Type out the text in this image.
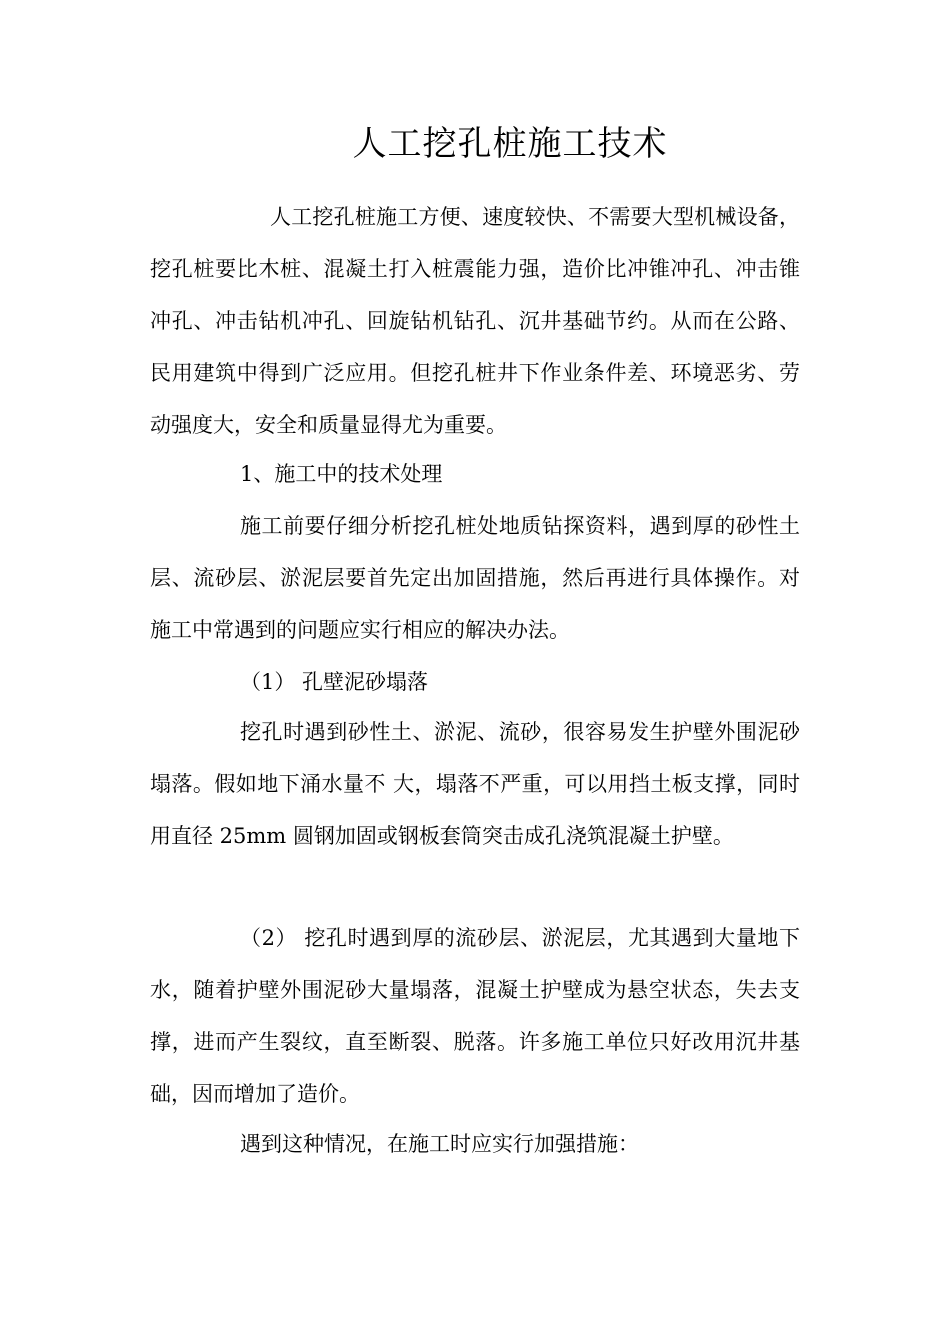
人工挖孔桩施工技术

人工挖孔桩施工方便、速度较快、不需要大型机械设备，挖孔桩要比木桩、混凝土打入桩震能力强，造价比冲锥冲孔、冲击锥冲孔、冲击钻机冲孔、回旋钻机钻孔、沉井基础节约。从而在公路、民用建筑中得到广泛应用。但挖孔桩井下作业条件差、环境恶劣、劳动强度大，安全和质量显得尤为重要。

1、施工中的技术处理

施工前要仔细分析挖孔桩处地质钻探资料，遇到厚的砂性土层、流砂层、淤泥层要首先定出加固措施，然后再进行具体操作。对施工中常遇到的问题应实行相应的解决办法。

（1） 孔壁泥砂塌落

挖孔时遇到砂性土、淤泥、流砂，很容易发生护壁外围泥砂塌落。假如地下涌水量不 大，塌落不严重，可以用挡土板支撑，同时用直径 25mm 圆钢加固或钢板套筒突击成孔浇筑混凝土护壁。

（2） 挖孔时遇到厚的流砂层、淤泥层，尤其遇到大量地下水，随着护壁外围泥砂大量塌落，混凝土护壁成为悬空状态，失去支撑，进而产生裂纹，直至断裂、脱落。许多施工单位只好改用沉井基础，因而增加了造价。

遇到这种情况，在施工时应实行加强措施：
